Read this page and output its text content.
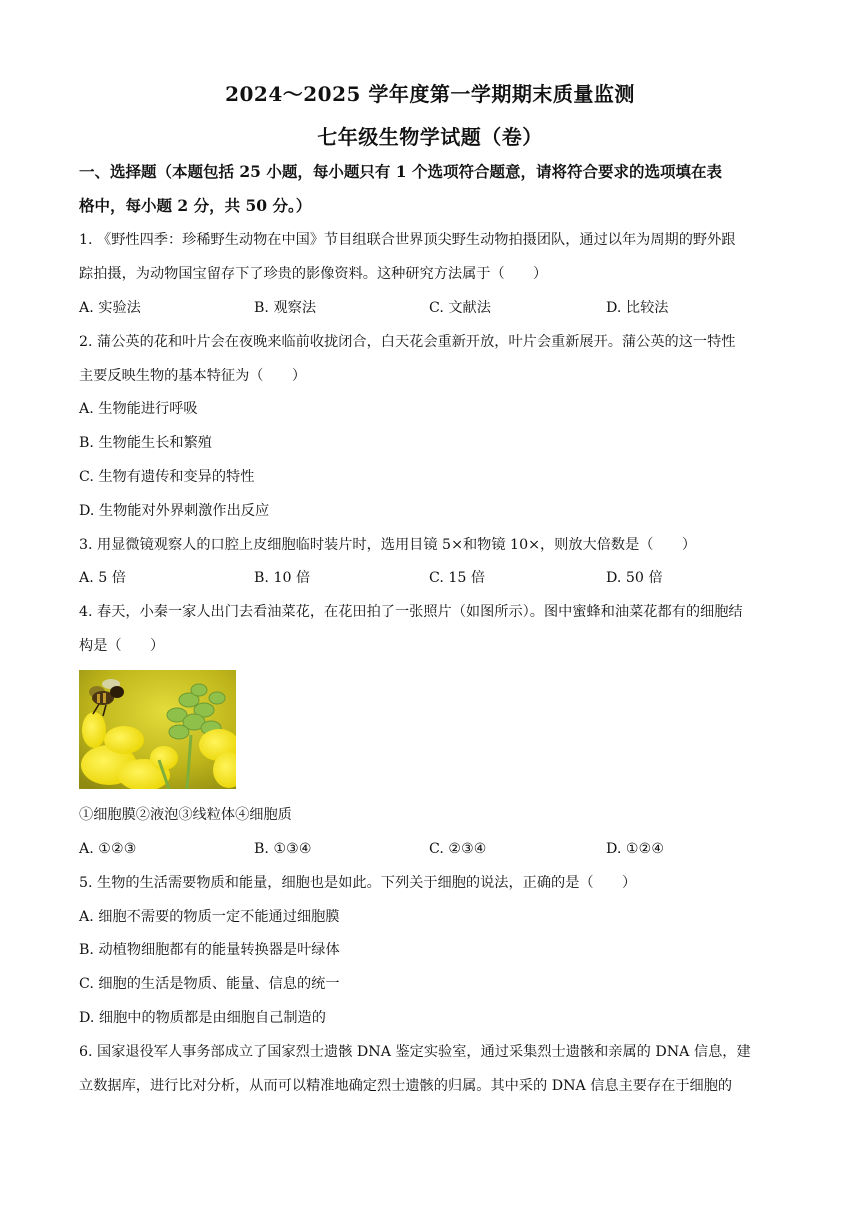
2024～2025 学年度第一学期期末质量监测
七年级生物学试题（卷）
一、选择题（本题包括 25 小题，每小题只有 1 个选项符合题意，请将符合要求的选项填在表
格中，每小题 2 分，共 50 分。）
1. 《野性四季：珍稀野生动物在中国》节目组联合世界顶尖野生动物拍摄团队，通过以年为周期的野外跟
踪拍摄，为动物国宝留存下了珍贵的影像资料。这种研究方法属于（　　）
A. 实验法	B. 观察法	C. 文献法	D. 比较法
2. 蒲公英的花和叶片会在夜晚来临前收拢闭合，白天花会重新开放，叶片会重新展开。蒲公英的这一特性
主要反映生物的基本特征为（　　）
A. 生物能进行呼吸
B. 生物能生长和繁殖
C. 生物有遗传和变异的特性
D. 生物能对外界刺激作出反应
3. 用显微镜观察人的口腔上皮细胞临时装片时，选用目镜 5×和物镜 10×，则放大倍数是（　　）
A. 5 倍	B. 10 倍	C. 15 倍	D. 50 倍
4. 春天，小秦一家人出门去看油菜花，在花田拍了一张照片（如图所示）。图中蜜蜂和油菜花都有的细胞结
构是（　　）
①细胞膜②液泡③线粒体④细胞质
A. ①②③	B. ①③④	C. ②③④	D. ①②④
5. 生物的生活需要物质和能量，细胞也是如此。下列关于细胞的说法，正确的是（　　）
A. 细胞不需要的物质一定不能通过细胞膜
B. 动植物细胞都有的能量转换器是叶绿体
C. 细胞的生活是物质、能量、信息的统一
D. 细胞中的物质都是由细胞自己制造的
6. 国家退役军人事务部成立了国家烈士遗骸 DNA 鉴定实验室，通过采集烈士遗骸和亲属的 DNA 信息，建
立数据库，进行比对分析，从而可以精准地确定烈士遗骸的归属。其中采的 DNA 信息主要存在于细胞的
